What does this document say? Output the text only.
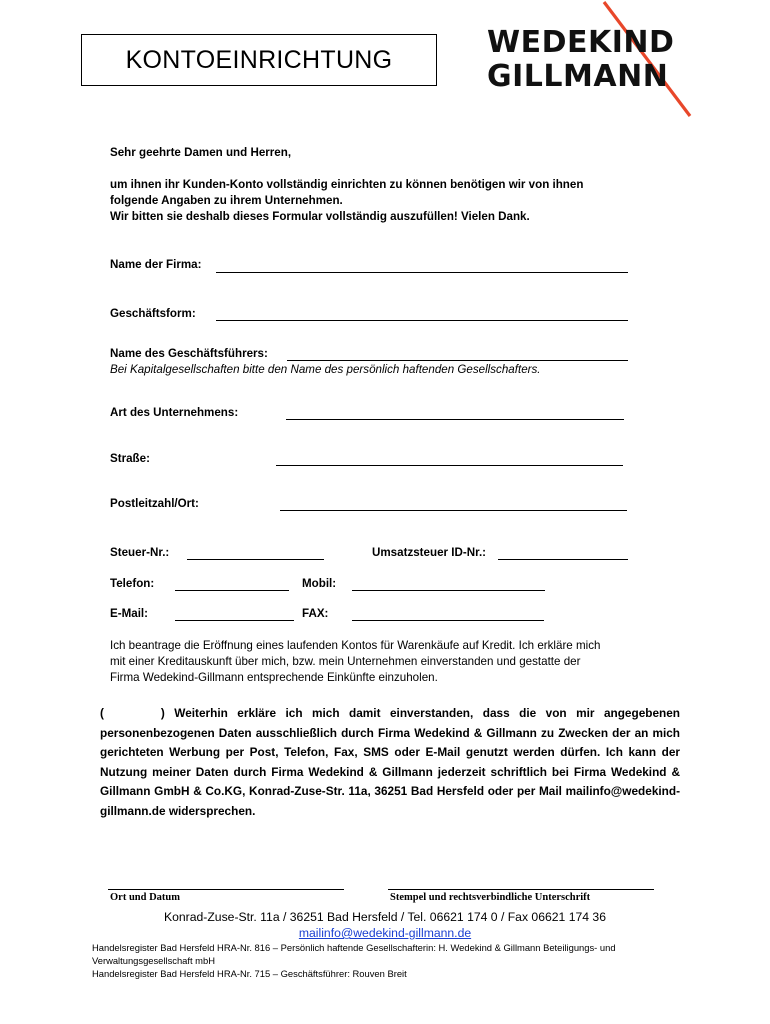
KONTOEINRICHTUNG	WEDEKIND
GILLMANN
Sehr geehrte Damen und Herren,
um ihnen ihr Kunden-Konto vollständig einrichten zu können benötigen wir von ihnen
folgende Angaben zu ihrem Unternehmen.
Wir bitten sie deshalb dieses Formular vollständig auszufüllen! Vielen Dank.
Name der Firma:
Geschäftsform:
Name des Geschäftsführers:
Bei Kapitalgesellschaften bitte den Name des persönlich haftenden Gesellschafters.
Art des Unternehmens:
Straße:
Postleitzahl/Ort:
Steuer-Nr.:	Umsatzsteuer ID-Nr.:
Telefon:	Mobil:
E-Mail:	FAX:
Ich beantrage die Eröffnung eines laufenden Kontos für Warenkäufe auf Kredit. Ich erkläre mich
mit einer Kreditauskunft über mich, bzw. mein Unternehmen einverstanden und gestatte der
Firma Wedekind-Gillmann entsprechende Einkünfte einzuholen.
(      ) Weiterhin erkläre ich mich damit einverstanden, dass die von mir angegebenen personenbezogenen Daten ausschließlich durch Firma Wedekind & Gillmann zu Zwecken der an mich gerichteten Werbung per Post, Telefon, Fax, SMS oder E-Mail genutzt werden dürfen. Ich kann der Nutzung meiner Daten durch Firma Wedekind & Gillmann jederzeit schriftlich bei Firma Wedekind & Gillmann GmbH & Co.KG, Konrad-Zuse-Str. 11a, 36251 Bad Hersfeld oder per Mail mailinfo@wedekind-gillmann.de widersprechen.
Ort und Datum	Stempel und rechtsverbindliche Unterschrift
Konrad-Zuse-Str. 11a / 36251 Bad Hersfeld / Tel. 06621 174 0 / Fax 06621 174 36
mailinfo@wedekind-gillmann.de
Handelsregister Bad Hersfeld HRA-Nr. 816 – Persönlich haftende Gesellschafterin: H. Wedekind & Gillmann Beteiligungs- und Verwaltungsgesellschaft mbH
Handelsregister Bad Hersfeld HRA-Nr. 715 – Geschäftsführer: Rouven Breit
